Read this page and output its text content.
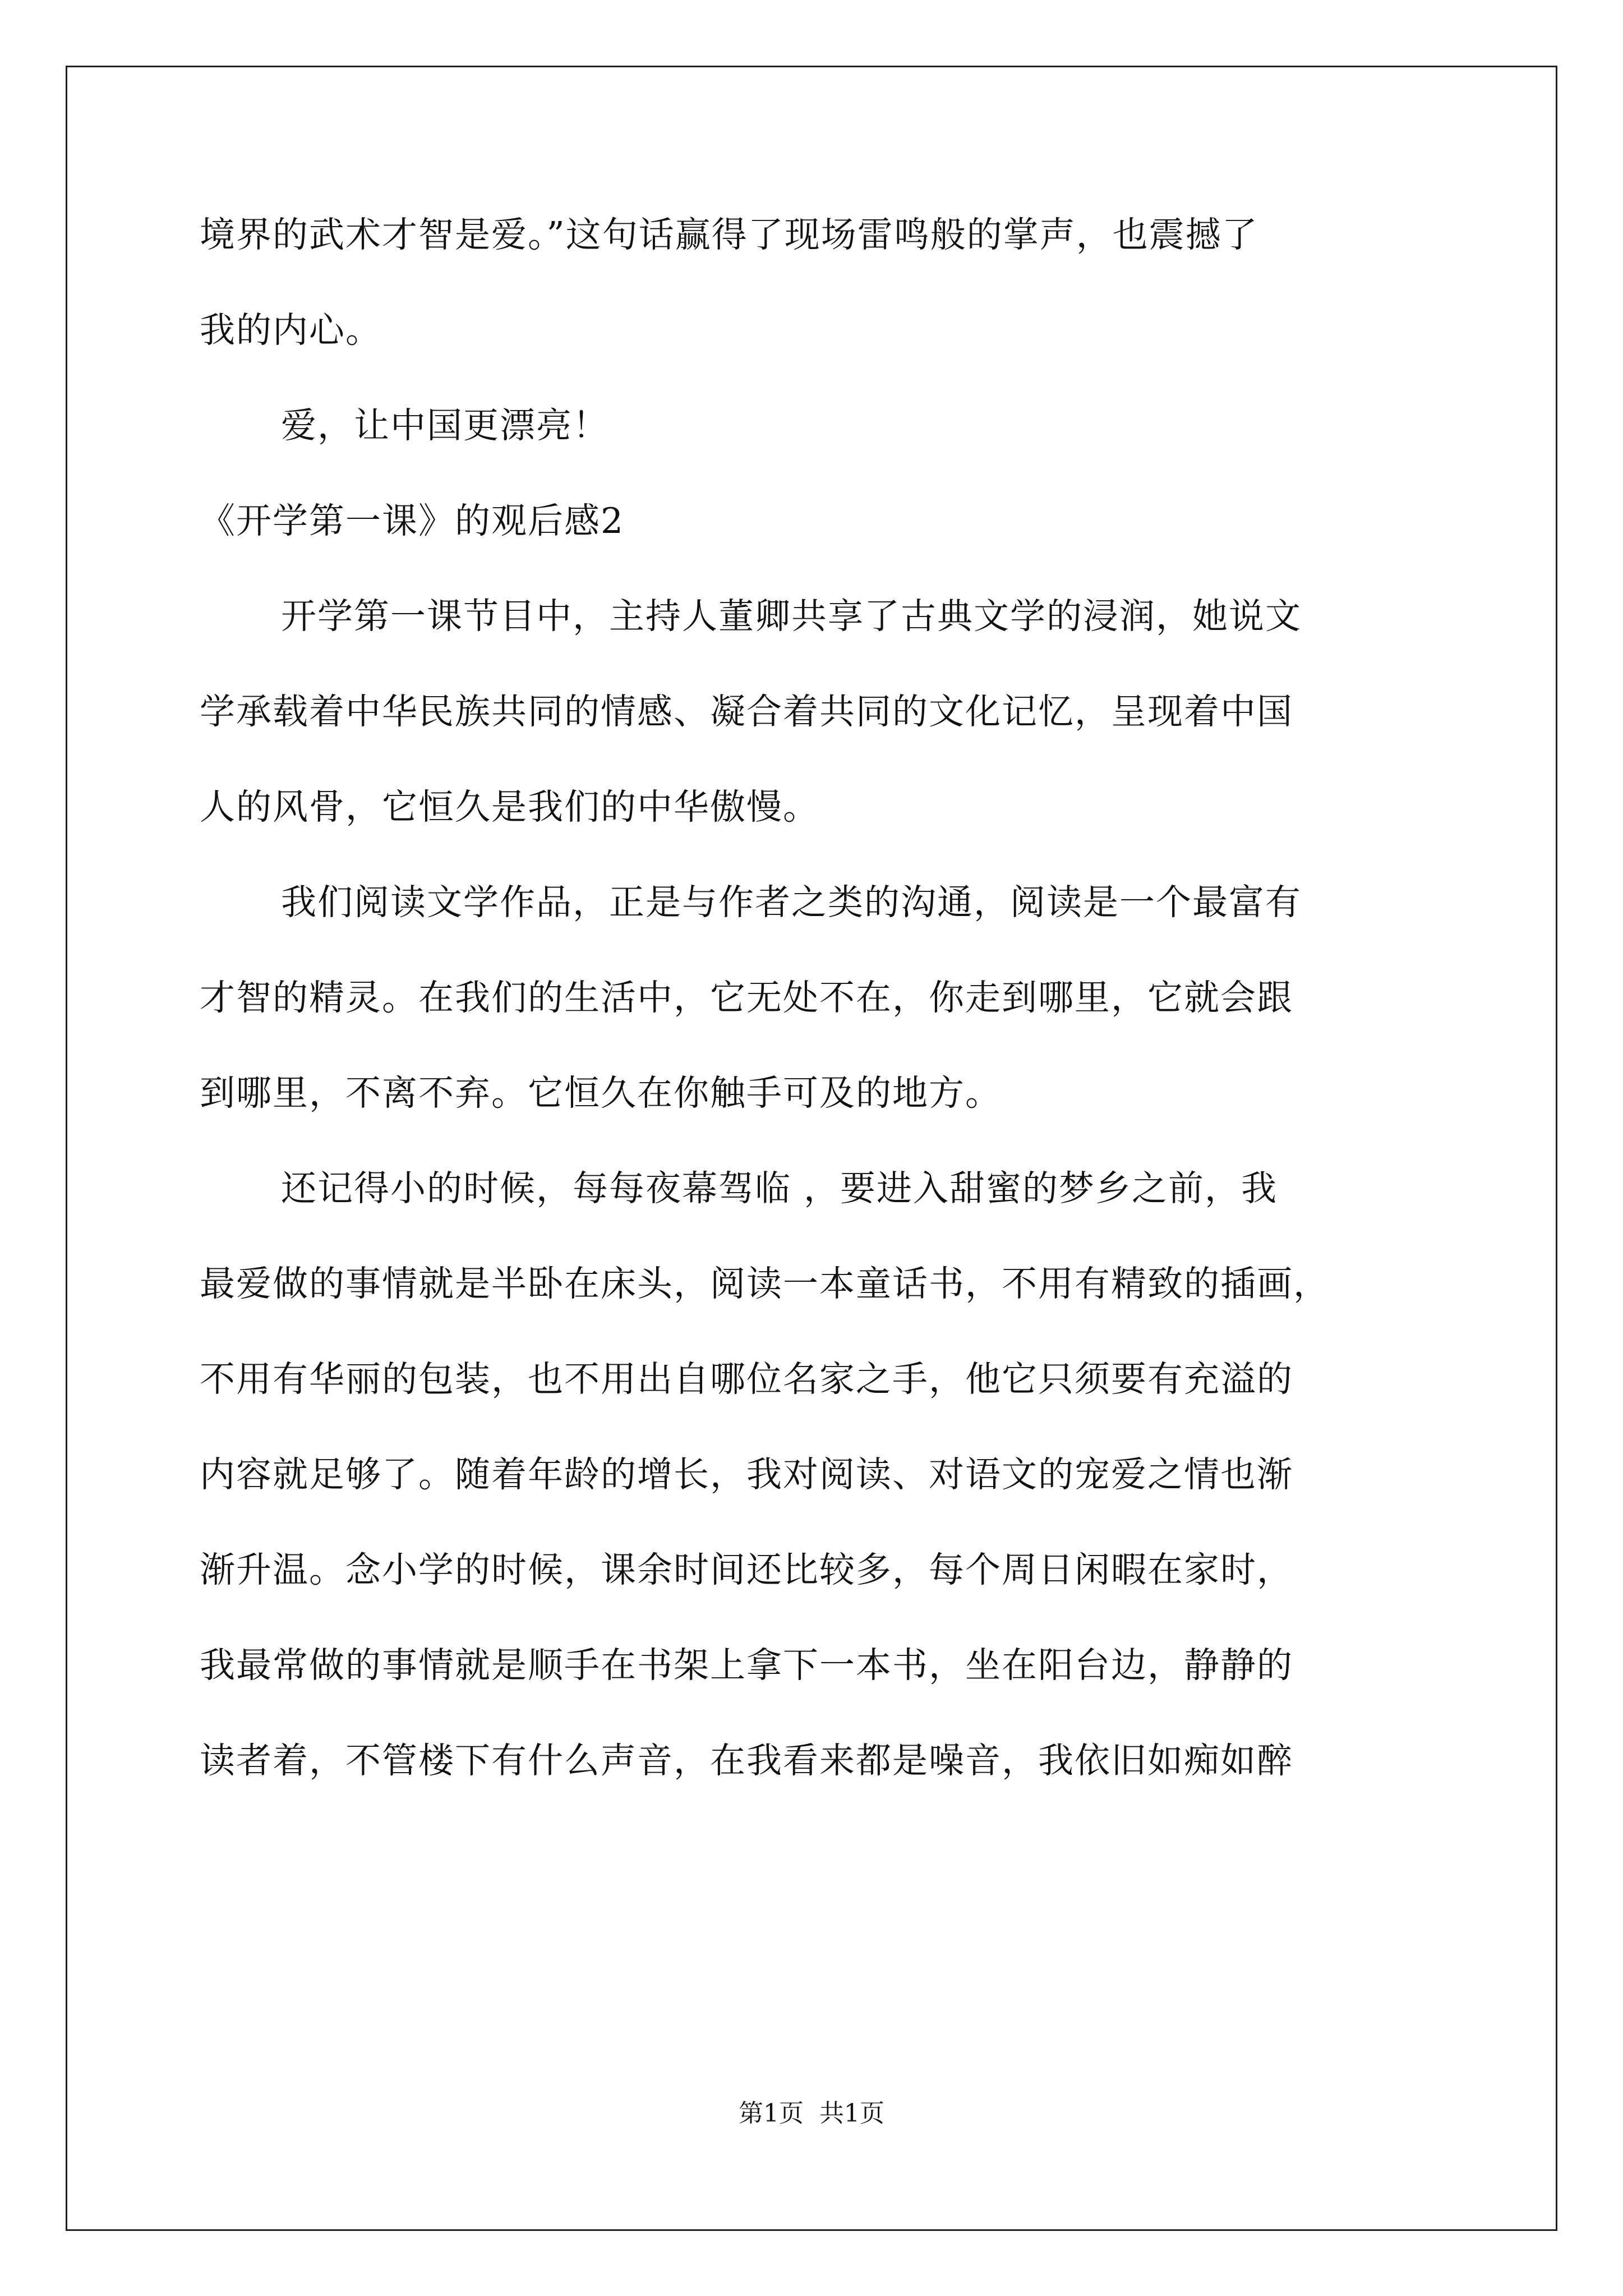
境界的武术才智是爱。”这句话赢得了现场雷鸣般的掌声，也震撼了
我的内心。
爱，让中国更漂亮！
《开学第一课》的观后感2
开学第一课节目中，主持人董卿共享了古典文学的浸润，她说文
学承载着中华民族共同的情感、凝合着共同的文化记忆，呈现着中国
人的风骨，它恒久是我们的中华傲慢。
我们阅读文学作品，正是与作者之类的沟通，阅读是一个最富有
才智的精灵。在我们的生活中，它无处不在，你走到哪里，它就会跟
到哪里，不离不弃。它恒久在你触手可及的地方。
还记得小的时候，每每夜幕驾临 ，要进入甜蜜的梦乡之前，我
最爱做的事情就是半卧在床头，阅读一本童话书，不用有精致的插画，
不用有华丽的包装，也不用出自哪位名家之手，他它只须要有充溢的
内容就足够了。随着年龄的增长，我对阅读、对语文的宠爱之情也渐
渐升温。念小学的时候，课余时间还比较多，每个周日闲暇在家时，
我最常做的事情就是顺手在书架上拿下一本书，坐在阳台边，静静的
读者着，不管楼下有什么声音，在我看来都是噪音，我依旧如痴如醉
第1页  共1页
